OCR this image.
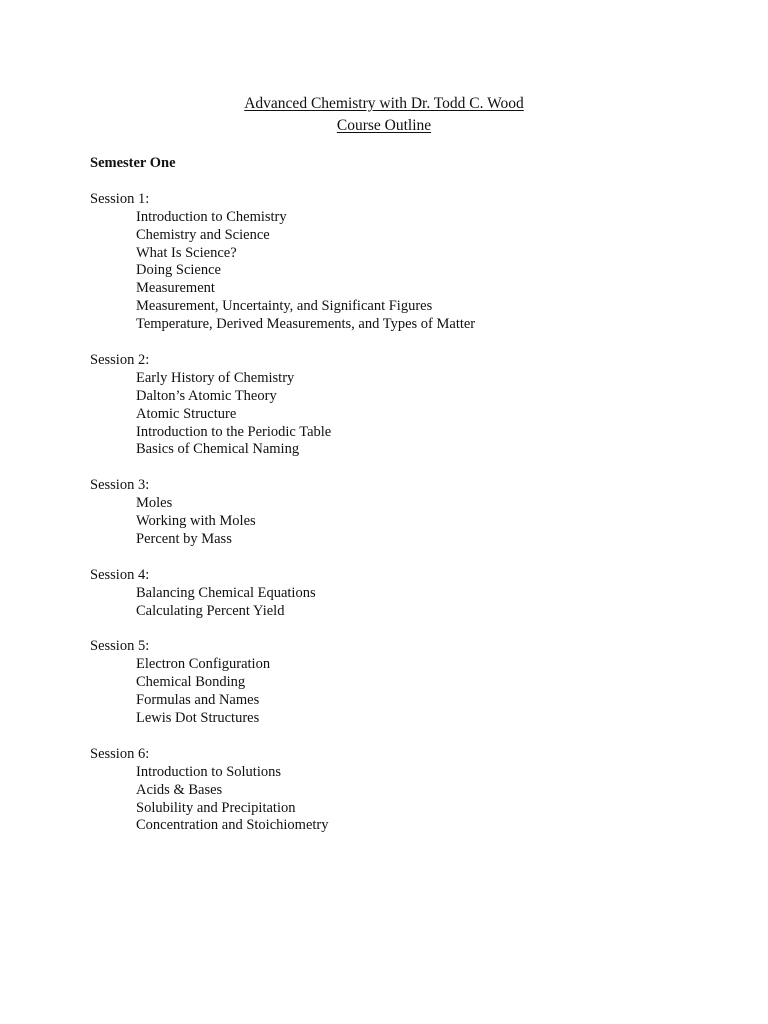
Advanced Chemistry with Dr. Todd C. Wood
Course Outline
Semester One
Session 1:
Introduction to Chemistry
Chemistry and Science
What Is Science?
Doing Science
Measurement
Measurement, Uncertainty, and Significant Figures
Temperature, Derived Measurements, and Types of Matter
Session 2:
Early History of Chemistry
Dalton’s Atomic Theory
Atomic Structure
Introduction to the Periodic Table
Basics of Chemical Naming
Session 3:
Moles
Working with Moles
Percent by Mass
Session 4:
Balancing Chemical Equations
Calculating Percent Yield
Session 5:
Electron Configuration
Chemical Bonding
Formulas and Names
Lewis Dot Structures
Session 6:
Introduction to Solutions
Acids & Bases
Solubility and Precipitation
Concentration and Stoichiometry
